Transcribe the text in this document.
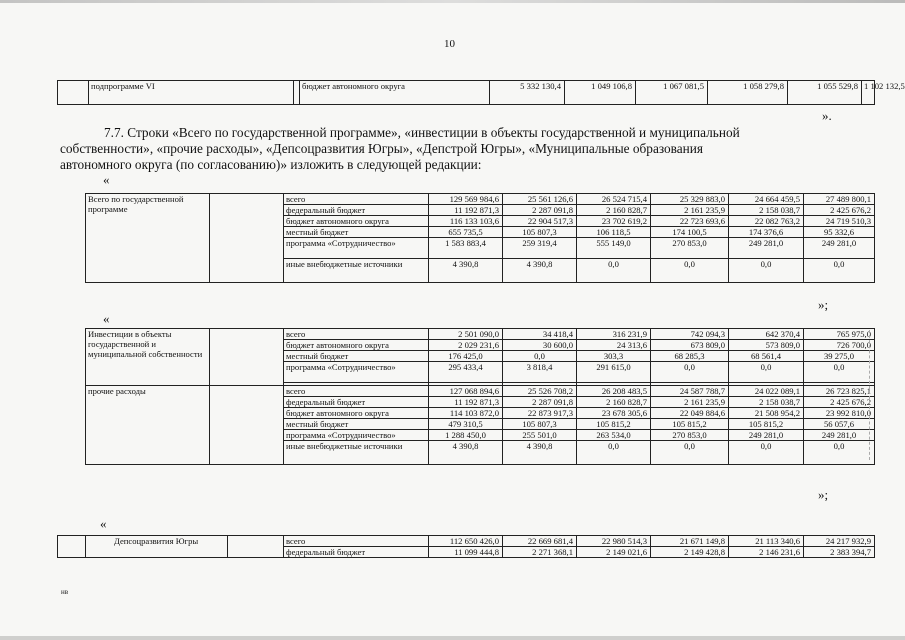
10
	подпрограмме VI		бюджет автономного округа	5 332 130,4	1 049 106,8	1 067 081,5	1 058 279,8	1 055 529,8	1 102 132,5
».
7.7. Строки «Всего по государственной программе», «инвестиции в объекты государственной и муниципальной
собственности», «прочие расходы», «Депсоцразвития Югры», «Депстрой Югры», «Муниципальные образования
автономного округа (по согласованию)» изложить в следующей редакции:
«
Всего по государственной программе		всего	129 569 984,6	25 561 126,6	26 524 715,4	25 329 883,0	24 664 459,5	27 489 800,1
		федеральный бюджет	11 192 871,3	2 287 091,8	2 160 828,7	2 161 235,9	2 158 038,7	2 425 676,2
		бюджет автономного округа	116 133 103,6	22 904 517,3	23 702 619,2	22 723 693,6	22 082 763,2	24 719 510,3
		местный бюджет	655 735,5	105 807,3	106 118,5	174 100,5	174 376,6	95 332,6
		программа «Сотрудничество»	1 583 883,4	259 319,4	555 149,0	270 853,0	249 281,0	249 281,0
		иные внебюджетные источники	4 390,8	4 390,8	0,0	0,0	0,0	0,0
»;
«
Инвестиции в объекты государственной и муниципальной собственности		всего	2 501 090,0	34 418,4	316 231,9	742 094,3	642 370,4	765 975,0
		бюджет автономного округа	2 029 231,6	30 600,0	24 313,6	673 809,0	573 809,0	726 700,0
		местный бюджет	176 425,0	0,0	303,3	68 285,3	68 561,4	39 275,0
		программа «Сотрудничество»	295 433,4	3 818,4	291 615,0	0,0	0,0	0,0

прочие расходы		всего	127 068 894,6	25 526 708,2	26 208 483,5	24 587 788,7	24 022 089,1	26 723 825,1
		федеральный бюджет	11 192 871,3	2 287 091,8	2 160 828,7	2 161 235,9	2 158 038,7	2 425 676,2
		бюджет автономного округа	114 103 872,0	22 873 917,3	23 678 305,6	22 049 884,6	21 508 954,2	23 992 810,0
		местный бюджет	479 310,5	105 807,3	105 815,2	105 815,2	105 815,2	56 057,6
		программа «Сотрудничество»	1 288 450,0	255 501,0	263 534,0	270 853,0	249 281,0	249 281,0
		иные внебюджетные источники	4 390,8	4 390,8	0,0	0,0	0,0	0,0
»;
«
	Депсоцразвития Югры		всего	112 650 426,0	22 669 681,4	22 980 514,3	21 671 149,8	21 113 340,6	24 217 932,9
			федеральный бюджет	11 099 444,8	2 271 368,1	2 149 021,6	2 149 428,8	2 146 231,6	2 383 394,7
нв
